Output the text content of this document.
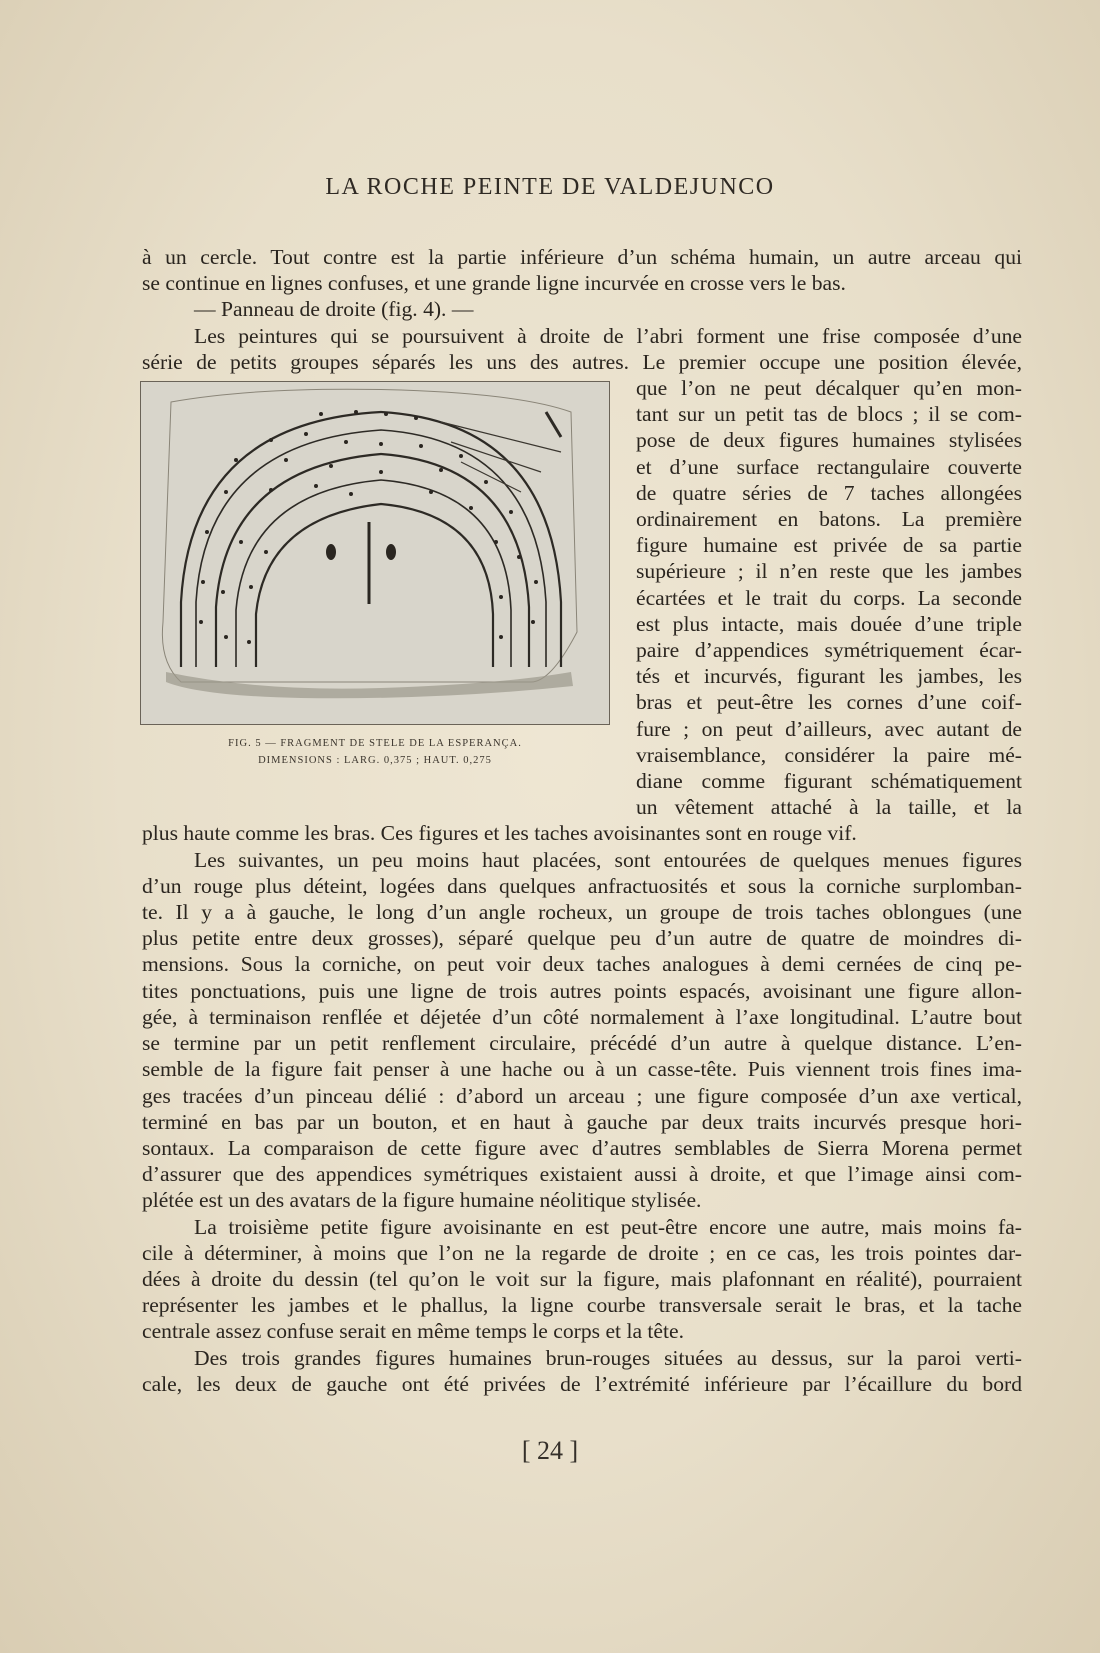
LA ROCHE PEINTE DE VALDEJUNCO
à un cercle. Tout contre est la partie inférieure d’un schéma humain, un autre arceau qui
se continue en lignes confuses, et une grande ligne incurvée en crosse vers le bas.
— Panneau de droite (fig. 4). —
Les peintures qui se poursuivent à droite de l’abri forment une frise composée d’une
série de petits groupes séparés les uns des autres. Le premier occupe une position élevée,
FIG. 5 — FRAGMENT DE STELE DE LA ESPERANÇA.
DIMENSIONS : LARG. 0,375 ; HAUT. 0,275
que l’on ne peut décalquer qu’en mon-
tant sur un petit tas de blocs ; il se com-
pose de deux figures humaines stylisées
et d’une surface rectangulaire couverte
de quatre séries de 7 taches allongées
ordinairement en batons. La première
figure humaine est privée de sa partie
supérieure ; il n’en reste que les jambes
écartées et le trait du corps. La seconde
est plus intacte, mais douée d’une triple
paire d’appendices symétriquement écar-
tés et incurvés, figurant les jambes, les
bras et peut-être les cornes d’une coif-
fure ; on peut d’ailleurs, avec autant de
vraisemblance, considérer la paire mé-
diane comme figurant schématiquement
un vêtement attaché à la taille, et la
plus haute comme les bras. Ces figures et les taches avoisinantes sont en rouge vif.
Les suivantes, un peu moins haut placées, sont entourées de quelques menues figures
d’un rouge plus déteint, logées dans quelques anfractuosités et sous la corniche surplomban-
te. Il y a à gauche, le long d’un angle rocheux, un groupe de trois taches oblongues (une
plus petite entre deux grosses), séparé quelque peu d’un autre de quatre de moindres di-
mensions. Sous la corniche, on peut voir deux taches analogues à demi cernées de cinq pe-
tites ponctuations, puis une ligne de trois autres points espacés, avoisinant une figure allon-
gée, à terminaison renflée et déjetée d’un côté normalement à l’axe longitudinal. L’autre bout
se termine par un petit renflement circulaire, précédé d’un autre à quelque distance. L’en-
semble de la figure fait penser à une hache ou à un casse-tête. Puis viennent trois fines ima-
ges tracées d’un pinceau délié : d’abord un arceau ; une figure composée d’un axe vertical,
terminé en bas par un bouton, et en haut à gauche par deux traits incurvés presque hori-
sontaux. La comparaison de cette figure avec d’autres semblables de Sierra Morena permet
d’assurer que des appendices symétriques existaient aussi à droite, et que l’image ainsi com-
plétée est un des avatars de la figure humaine néolitique stylisée.
La troisième petite figure avoisinante en est peut-être encore une autre, mais moins fa-
cile à déterminer, à moins que l’on ne la regarde de droite ; en ce cas, les trois pointes dar-
dées à droite du dessin (tel qu’on le voit sur la figure, mais plafonnant en réalité), pourraient
représenter les jambes et le phallus, la ligne courbe transversale serait le bras, et la tache
centrale assez confuse serait en même temps le corps et la tête.
Des trois grandes figures humaines brun-rouges situées au dessus, sur la paroi verti-
cale, les deux de gauche ont été privées de l’extrémité inférieure par l’écaillure du bord
[ 24 ]
